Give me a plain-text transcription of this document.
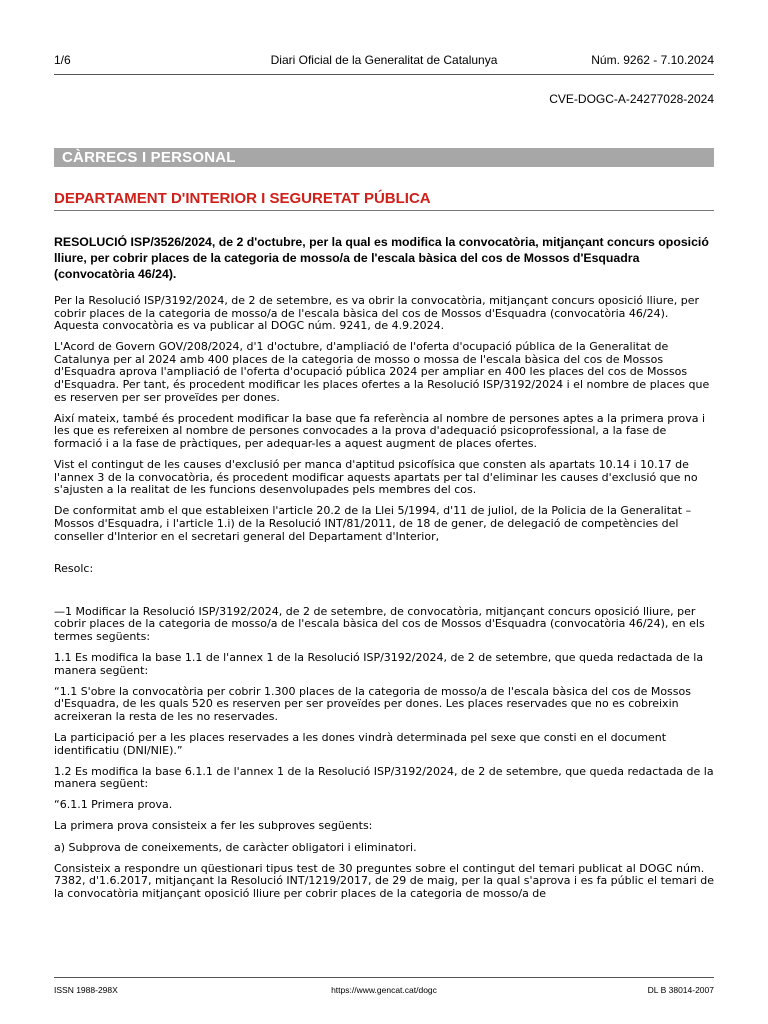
1/6	Diari Oficial de la Generalitat de Catalunya	Núm. 9262 - 7.10.2024
CVE-DOGC-A-24277028-2024
CÀRRECS I PERSONAL
DEPARTAMENT D'INTERIOR I SEGURETAT PÚBLICA
RESOLUCIÓ ISP/3526/2024, de 2 d'octubre, per la qual es modifica la convocatòria, mitjançant concurs oposició lliure, per cobrir places de la categoria de mosso/a de l'escala bàsica del cos de Mossos d'Esquadra (convocatòria 46/24).

Per la Resolució ISP/3192/2024, de 2 de setembre, es va obrir la convocatòria, mitjançant concurs oposició lliure, per cobrir places de la categoria de mosso/a de l'escala bàsica del cos de Mossos d'Esquadra (convocatòria 46/24). Aquesta convocatòria es va publicar al DOGC núm. 9241, de 4.9.2024.

L'Acord de Govern GOV/208/2024, d'1 d'octubre, d'ampliació de l'oferta d'ocupació pública de la Generalitat de Catalunya per al 2024 amb 400 places de la categoria de mosso o mossa de l'escala bàsica del cos de Mossos d'Esquadra aprova l'ampliació de l'oferta d'ocupació pública 2024 per ampliar en 400 les places del cos de Mossos d'Esquadra. Per tant, és procedent modificar les places ofertes a la Resolució ISP/3192/2024 i el nombre de places que es reserven per ser proveïdes per dones.

Així mateix, també és procedent modificar la base que fa referència al nombre de persones aptes a la primera prova i les que es refereixen al nombre de persones convocades a la prova d'adequació psicoprofessional, a la fase de formació i a la fase de pràctiques, per adequar-les a aquest augment de places ofertes.

Vist el contingut de les causes d'exclusió per manca d'aptitud psicofísica que consten als apartats 10.14 i 10.17 de l'annex 3 de la convocatòria, és procedent modificar aquests apartats per tal d'eliminar les causes d'exclusió que no s'ajusten a la realitat de les funcions desenvolupades pels membres del cos.

De conformitat amb el que estableixen l'article 20.2 de la Llei 5/1994, d'11 de juliol, de la Policia de la Generalitat – Mossos d'Esquadra, i l'article 1.i) de la Resolució INT/81/2011, de 18 de gener, de delegació de competències del conseller d'Interior en el secretari general del Departament d'Interior,

Resolc:

—1 Modificar la Resolució ISP/3192/2024, de 2 de setembre, de convocatòria, mitjançant concurs oposició lliure, per cobrir places de la categoria de mosso/a de l'escala bàsica del cos de Mossos d'Esquadra (convocatòria 46/24), en els termes següents:

1.1 Es modifica la base 1.1 de l'annex 1 de la Resolució ISP/3192/2024, de 2 de setembre, que queda redactada de la manera següent:

“1.1 S'obre la convocatòria per cobrir 1.300 places de la categoria de mosso/a de l'escala bàsica del cos de Mossos d'Esquadra, de les quals 520 es reserven per ser proveïdes per dones. Les places reservades que no es cobreixin acreixeran la resta de les no reservades.

La participació per a les places reservades a les dones vindrà determinada pel sexe que consti en el document identificatiu (DNI/NIE).”

1.2 Es modifica la base 6.1.1 de l'annex 1 de la Resolució ISP/3192/2024, de 2 de setembre, que queda redactada de la manera següent:

“6.1.1 Primera prova.

La primera prova consisteix a fer les subproves següents:

a) Subprova de coneixements, de caràcter obligatori i eliminatori.

Consisteix a respondre un qüestionari tipus test de 30 preguntes sobre el contingut del temari publicat al DOGC núm. 7382, d'1.6.2017, mitjançant la Resolució INT/1219/2017, de 29 de maig, per la qual s'aprova i es fa públic el temari de la convocatòria mitjançant oposició lliure per cobrir places de la categoria de mosso/a de

ISSN 1988-298X	https://www.gencat.cat/dogc	DL B 38014-2007
